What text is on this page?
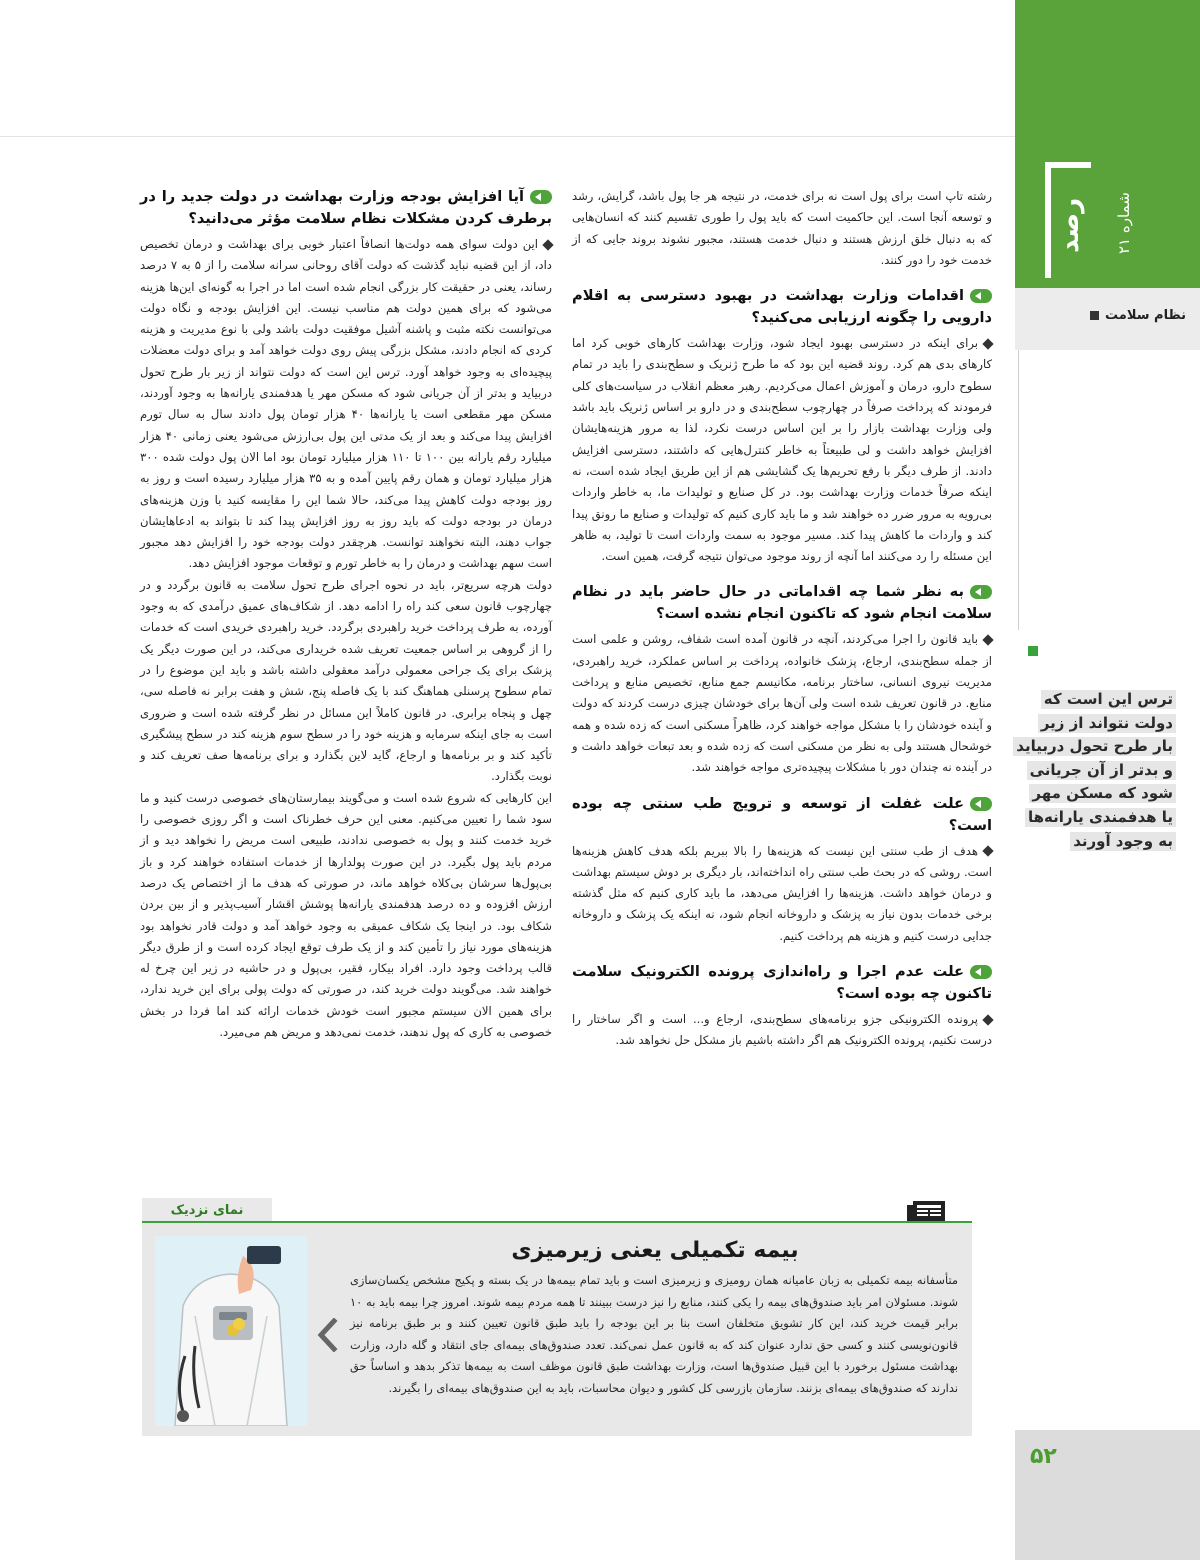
رصد	شماره ۲۱
نظام سلامت
ترس این است که دولت نتواند از زیر بار طرح تحول دربیاید و بدتر از آن جریانی شود که مسکن مهر یا هدفمندی یارانه‌ها به وجود آورند
۵۲

رشته تاپ است برای پول است نه برای خدمت، در نتیجه هر جا پول باشد، گرایش، رشد و توسعه آنجا است. این حاکمیت است که باید پول را طوری تقسیم کنند که انسان‌هایی که به دنبال خلق ارزش هستند و دنبال خدمت هستند، مجبور نشوند بروند جایی که از خدمت خود را دور کنند.

اقدامات وزارت بهداشت در بهبود دسترسی به اقلام دارویی را چگونه ارزیابی می‌کنید؟

برای اینکه در دسترسی بهبود ایجاد شود، وزارت بهداشت کارهای خوبی کرد اما کارهای بدی هم کرد. روند قضیه این بود که ما طرح ژنریک و سطح‌بندی را باید در تمام سطوح دارو، درمان و آموزش اعمال می‌کردیم. رهبر معظم انقلاب در سیاست‌های کلی فرمودند که پرداخت صرفاً در چهارچوب سطح‌بندی و در دارو بر اساس ژنریک باید باشد ولی وزارت بهداشت بازار را بر این اساس درست نکرد، لذا به مرور هزینه‌هایشان افزایش خواهد داشت و لی طبیعتاً به خاطر کنترل‌هایی که داشتند، دسترسی افزایش دادند. از طرف دیگر با رفع تحریم‌ها یک گشایشی هم از این طریق ایجاد شده است، نه اینکه صرفاً خدمات وزارت بهداشت بود. در کل صنایع و تولیدات ما، به خاطر واردات بی‌رویه به مرور ضرر ده خواهند شد و ما باید کاری کنیم که تولیدات و صنایع ما رونق پیدا کند و واردات ما کاهش پیدا کند. مسیر موجود به سمت واردات است تا تولید، به ظاهر این مسئله را رد می‌کنند اما آنچه از روند موجود می‌توان نتیجه گرفت، همین است.

به نظر شما چه اقداماتی در حال حاضر باید در نظام سلامت انجام شود که تاکنون انجام نشده است؟

باید قانون را اجرا می‌کردند، آنچه در قانون آمده است شفاف، روشن و علمی است از جمله سطح‌بندی، ارجاع، پزشک خانواده، پرداخت بر اساس عملکرد، خرید راهبردی، مدیریت نیروی انسانی، ساختار برنامه، مکانیسم جمع منابع، تخصیص منابع و پرداخت منابع. در قانون تعریف شده است ولی آن‌ها برای خودشان چیزی درست کردند که دولت و آینده خودشان را با مشکل مواجه خواهند کرد، ظاهراً مسکنی است که زده شده و همه خوشحال هستند ولی به نظر من مسکنی است که زده شده و بعد تبعات خواهد داشت و در آینده نه چندان دور با مشکلات پیچیده‌تری مواجه خواهند شد.

علت غفلت از توسعه و ترویج طب سنتی چه بوده است؟

هدف از طب سنتی این نیست که هزینه‌ها را بالا ببریم بلکه هدف کاهش هزینه‌ها است. روشی که در بحث طب سنتی راه انداخته‌اند، بار دیگری بر دوش سیستم بهداشت و درمان خواهد داشت. هزینه‌ها را افزایش می‌دهد، ما باید کاری کنیم که مثل گذشته برخی خدمات بدون نیاز به پزشک و داروخانه انجام شود، نه اینکه یک پزشک و داروخانه جدایی درست کنیم و هزینه هم پرداخت کنیم.

علت عدم اجرا و راه‌اندازی پرونده الکترونیک سلامت تاکنون چه بوده است؟

پرونده الکترونیکی جزو برنامه‌های سطح‌بندی، ارجاع و... است و اگر ساختار را درست نکنیم، پرونده الکترونیک هم اگر داشته باشیم باز مشکل حل نخواهد شد.

آیا افزایش بودجه وزارت بهداشت در دولت جدید را در برطرف کردن مشکلات نظام سلامت مؤثر می‌دانید؟

این دولت سوای همه دولت‌ها انصافاً اعتبار خوبی برای بهداشت و درمان تخصیص داد، از این قضیه نباید گذشت که دولت آقای روحانی سرانه سلامت را از ۵ به ۷ درصد رساند، یعنی در حقیقت کار بزرگی انجام شده است اما در اجرا به گونه‌ای این‌ها هزینه می‌شود که برای همین دولت هم مناسب نیست. این افزایش بودجه و نگاه دولت می‌توانست نکته مثبت و پاشنه آشیل موفقیت دولت باشد ولی با نوع مدیریت و هزینه کردی که انجام دادند، مشکل بزرگی پیش روی دولت خواهد آمد و برای دولت معضلات پیچیده‌ای به وجود خواهد آورد. ترس این است که دولت نتواند از زیر بار طرح تحول دربیاید و بدتر از آن جریانی شود که مسکن مهر یا هدفمندی یارانه‌ها به وجود آوردند، مسکن مهر مقطعی است یا یارانه‌ها ۴۰ هزار تومان پول دادند سال به سال تورم افزایش پیدا می‌کند و بعد از یک مدتی این پول بی‌ارزش می‌شود یعنی زمانی ۴۰ هزار میلیارد رقم یارانه بین ۱۰۰ تا ۱۱۰ هزار میلیارد تومان بود اما الان پول دولت شده ۳۰۰ هزار میلیارد تومان و همان رقم پایین آمده و به ۳۵ هزار میلیارد رسیده است و روز به روز بودجه دولت کاهش پیدا می‌کند، حالا شما این را مقایسه کنید با وزن هزینه‌های درمان در بودجه دولت که باید روز به روز افزایش پیدا کند تا بتواند به ادعاهایشان جواب دهند، البته نخواهند توانست. هرچقدر دولت بودجه خود را افزایش دهد مجبور است سهم بهداشت و درمان را به خاطر تورم و توقعات موجود افزایش دهد.

دولت هرچه سریع‌تر، باید در نحوه اجرای طرح تحول سلامت به قانون برگردد و در چهارچوب قانون سعی کند راه را ادامه دهد. از شکاف‌های عمیق درآمدی که به وجود آورده، به طرف پرداخت خرید راهبردی برگردد. خرید راهبردی خریدی است که خدمات را از گروهی بر اساس جمعیت تعریف شده خریداری می‌کند، در این صورت دیگر یک پزشک برای یک جراحی معمولی درآمد معقولی داشته باشد و باید این موضوع را در تمام سطوح پرسنلی هماهنگ کند با یک فاصله پنج، شش و هفت برابر نه فاصله سی، چهل و پنجاه برابری. در قانون کاملاً این مسائل در نظر گرفته شده است و ضروری است به جای اینکه سرمایه و هزینه خود را در سطح سوم هزینه کند در سطح پیشگیری تأکید کند و بر برنامه‌ها و ارجاع، گاید لاین بگذارد و برای برنامه‌ها صف تعریف کند و نوبت بگذارد.

این کارهایی که شروع شده است و می‌گویند بیمارستان‌های خصوصی درست کنید و ما سود شما را تعیین می‌کنیم. معنی این حرف خطرناک است و اگر روزی خصوصی را خرید خدمت کنند و پول به خصوصی ندادند، طبیعی است مریض را نخواهد دید و از مردم باید پول بگیرد. در این صورت پولدارها از خدمات استفاده خواهند کرد و باز بی‌پول‌ها سرشان بی‌کلاه خواهد ماند، در صورتی که هدف ما از اختصاص یک درصد ارزش افزوده و ده درصد هدفمندی یارانه‌ها پوشش اقشار آسیب‌پذیر و از بین بردن شکاف بود. در اینجا یک شکاف عمیقی به وجود خواهد آمد و دولت قادر نخواهد بود هزینه‌های مورد نیاز را تأمین کند و از یک طرف توقع ایجاد کرده است و از طرق دیگر قالب پرداخت وجود دارد. افراد بیکار، فقیر، بی‌پول و در حاشیه در زیر این چرخ له خواهند شد. می‌گویند دولت خرید کند، در صورتی که دولت پولی برای این خرید ندارد، برای همین الان سیستم مجبور است خودش خدمات ارائه کند اما فردا در بخش خصوصی به کاری که پول ندهند، خدمت نمی‌دهد و مریض هم می‌میرد.

نمای نزدیک
بیمه تکمیلی یعنی زیرمیزی
متأسفانه بیمه تکمیلی به زبان عامیانه همان رومیزی و زیرمیزی است و باید تمام بیمه‌ها در یک بسته و پکیج مشخص یکسان‌سازی شوند. مسئولان امر باید صندوق‌های بیمه را یکی کنند، منابع را نیز درست ببینند تا همه مردم بیمه شوند. امروز چرا بیمه باید به ۱۰ برابر قیمت خرید کند، این کار تشویق متخلفان است بنا بر این بودجه را باید طبق قانون تعیین کنند و بر طبق برنامه نیز قانون‌نویسی کنند و کسی حق ندارد عنوان کند که به قانون عمل نمی‌کند. تعدد صندوق‌های بیمه‌ای جای انتقاد و گله دارد، وزارت بهداشت مسئول برخورد با این قبیل صندوق‌ها است، وزارت بهداشت طبق قانون موظف است به بیمه‌ها تذکر بدهد و اساساً حق ندارند که صندوق‌های بیمه‌ای بزنند. سازمان بازرسی کل کشور و دیوان محاسبات، باید به این صندوق‌های بیمه‌ای را بگیرند.
